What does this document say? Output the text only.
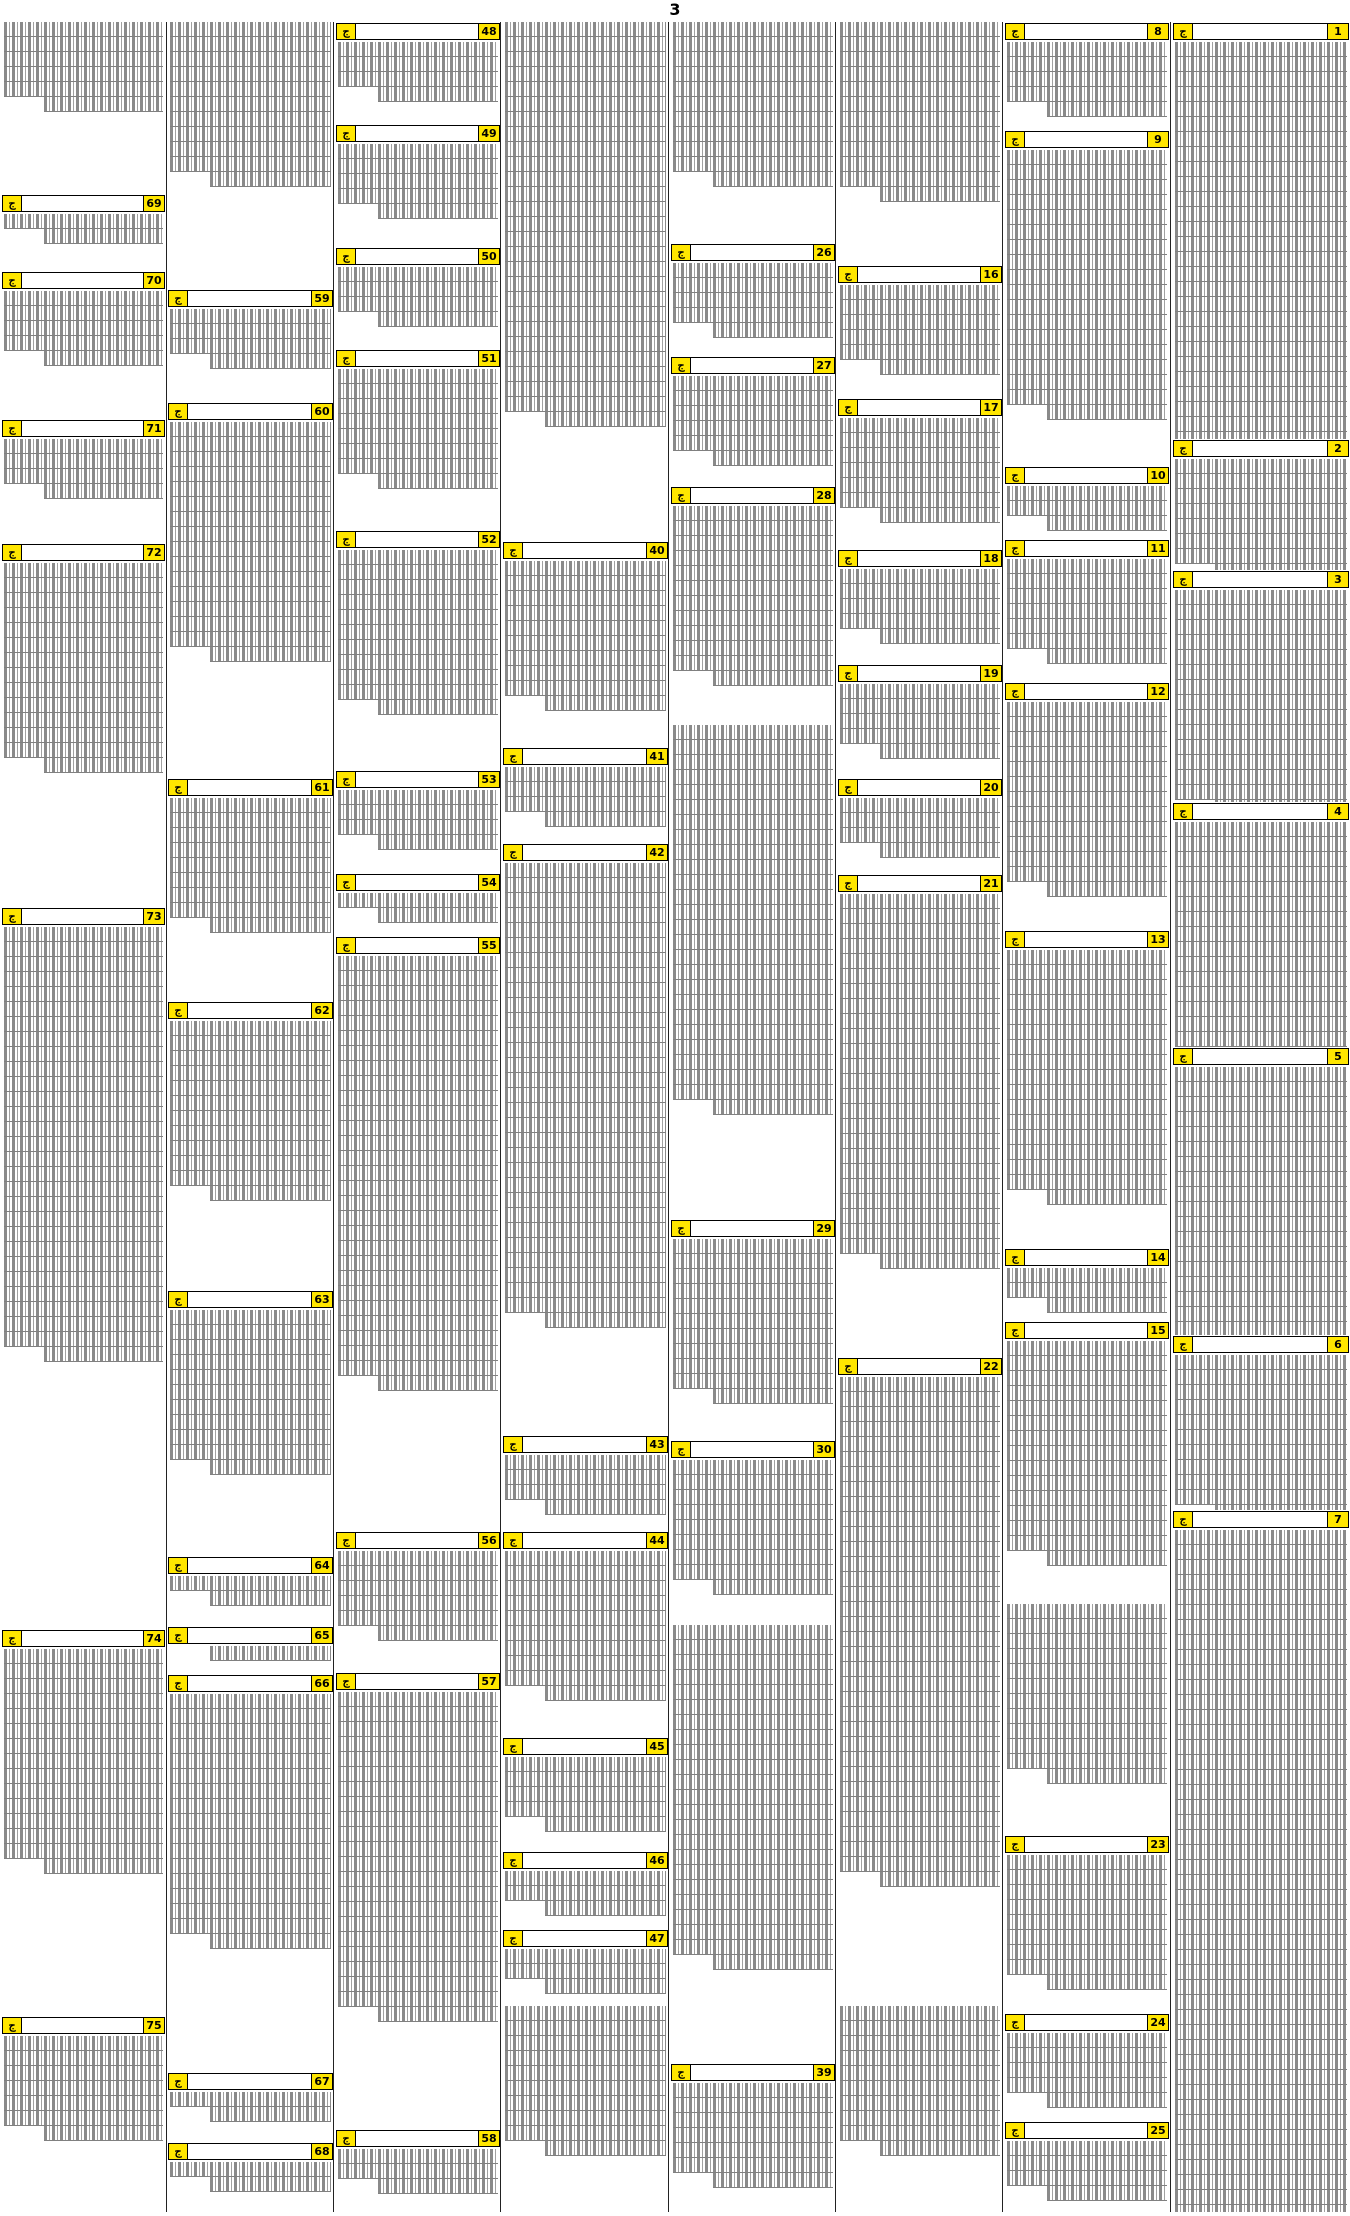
3
1
ج
2
ج
3
ج
4
ج
5
ج
6
ج
7
ج
8
ج
9
ج
10
ج
11
ج
12
ج
13
ج
14
ج
15
ج
23
ج
24
ج
25
ج
16
ج
17
ج
18
ج
19
ج
20
ج
21
ج
22
ج
26
ج
27
ج
28
ج
29
ج
30
ج
39
ج
40
ج
41
ج
42
ج
43
ج
44
ج
45
ج
46
ج
47
ج
48
ج
49
ج
50
ج
51
ج
52
ج
53
ج
54
ج
55
ج
56
ج
57
ج
58
ج
59
ج
60
ج
61
ج
62
ج
63
ج
64
ج
65
ج
66
ج
67
ج
68
ج
69
ج
70
ج
71
ج
72
ج
73
ج
74
ج
75
ج
